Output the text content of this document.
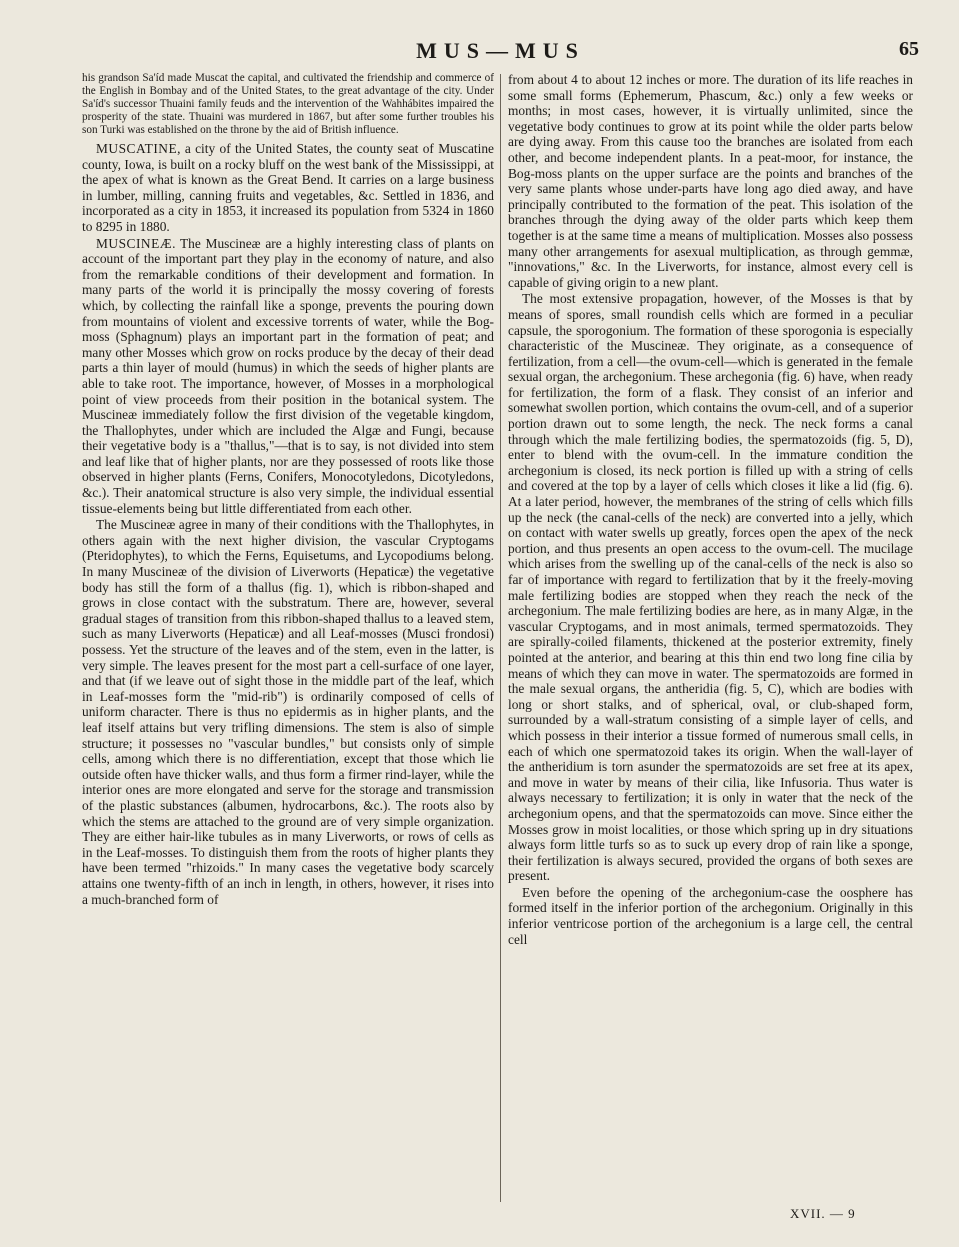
MUS—MUS	65

his grandson Sa'íd made Muscat the capital, and cultivated the friendship and commerce of the English in Bombay and of the United States, to the great advantage of the city. Under Sa'íd's successor Thuaini family feuds and the intervention of the Wahhábites impaired the prosperity of the state. Thuaini was murdered in 1867, but after some further troubles his son Turki was established on the throne by the aid of British influence.

MUSCATINE, a city of the United States, the county seat of Muscatine county, Iowa, is built on a rocky bluff on the west bank of the Mississippi, at the apex of what is known as the Great Bend. It carries on a large business in lumber, milling, canning fruits and vegetables, &c. Settled in 1836, and incorporated as a city in 1853, it increased its population from 5324 in 1860 to 8295 in 1880.

MUSCINEÆ. The Muscineæ are a highly interesting class of plants on account of the important part they play in the economy of nature, and also from the remarkable conditions of their development and formation. In many parts of the world it is principally the mossy covering of forests which, by collecting the rainfall like a sponge, prevents the pouring down from mountains of violent and excessive torrents of water, while the Bog-moss (Sphagnum) plays an important part in the formation of peat; and many other Mosses which grow on rocks produce by the decay of their dead parts a thin layer of mould (humus) in which the seeds of higher plants are able to take root. The importance, however, of Mosses in a morphological point of view proceeds from their position in the botanical system. The Muscineæ immediately follow the first division of the vegetable kingdom, the Thallophytes, under which are included the Algæ and Fungi, because their vegetative body is a "thallus,"—that is to say, is not divided into stem and leaf like that of higher plants, nor are they possessed of roots like those observed in higher plants (Ferns, Conifers, Monocotyledons, Dicotyledons, &c.). Their anatomical structure is also very simple, the individual essential tissue-elements being but little differentiated from each other.

The Muscineæ agree in many of their conditions with the Thallophytes, in others again with the next higher division, the vascular Cryptogams (Pteridophytes), to which the Ferns, Equisetums, and Lycopodiums belong. In many Muscineæ of the division of Liverworts (Hepaticæ) the vegetative body has still the form of a thallus (fig. 1), which is ribbon-shaped and grows in close contact with the substratum. There are, however, several gradual stages of transition from this ribbon-shaped thallus to a leaved stem, such as many Liverworts (Hepaticæ) and all Leaf-mosses (Musci frondosi) possess. Yet the structure of the leaves and of the stem, even in the latter, is very simple. The leaves present for the most part a cell-surface of one layer, and that (if we leave out of sight those in the middle part of the leaf, which in Leaf-mosses form the "mid-rib") is ordinarily composed of cells of uniform character. There is thus no epidermis as in higher plants, and the leaf itself attains but very trifling dimensions. The stem is also of simple structure; it possesses no "vascular bundles," but consists only of simple cells, among which there is no differentiation, except that those which lie outside often have thicker walls, and thus form a firmer rind-layer, while the interior ones are more elongated and serve for the storage and transmission of the plastic substances (albumen, hydrocarbons, &c.). The roots also by which the stems are attached to the ground are of very simple organization. They are either hair-like tubules as in many Liverworts, or rows of cells as in the Leaf-mosses. To distinguish them from the roots of higher plants they have been termed "rhizoids." In many cases the vegetative body scarcely attains one twenty-fifth of an inch in length, in others, however, it rises into a much-branched form of

from about 4 to about 12 inches or more. The duration of its life reaches in some small forms (Ephemerum, Phascum, &c.) only a few weeks or months; in most cases, however, it is virtually unlimited, since the vegetative body continues to grow at its point while the older parts below are dying away. From this cause too the branches are isolated from each other, and become independent plants. In a peat-moor, for instance, the Bog-moss plants on the upper surface are the points and branches of the very same plants whose under-parts have long ago died away, and have principally contributed to the formation of the peat. This isolation of the branches through the dying away of the older parts which keep them together is at the same time a means of multiplication. Mosses also possess many other arrangements for asexual multiplication, as through gemmæ, "innovations," &c. In the Liverworts, for instance, almost every cell is capable of giving origin to a new plant.

The most extensive propagation, however, of the Mosses is that by means of spores, small roundish cells which are formed in a peculiar capsule, the sporogonium. The formation of these sporogonia is especially characteristic of the Muscineæ. They originate, as a consequence of fertilization, from a cell—the ovum-cell—which is generated in the female sexual organ, the archegonium. These archegonia (fig. 6) have, when ready for fertilization, the form of a flask. They consist of an inferior and somewhat swollen portion, which contains the ovum-cell, and of a superior portion drawn out to some length, the neck. The neck forms a canal through which the male fertilizing bodies, the spermatozoids (fig. 5, D), enter to blend with the ovum-cell. In the immature condition the archegonium is closed, its neck portion is filled up with a string of cells and covered at the top by a layer of cells which closes it like a lid (fig. 6). At a later period, however, the membranes of the string of cells which fills up the neck (the canal-cells of the neck) are converted into a jelly, which on contact with water swells up greatly, forces open the apex of the neck portion, and thus presents an open access to the ovum-cell. The mucilage which arises from the swelling up of the canal-cells of the neck is also so far of importance with regard to fertilization that by it the freely-moving male fertilizing bodies are stopped when they reach the neck of the archegonium. The male fertilizing bodies are here, as in many Algæ, in the vascular Cryptogams, and in most animals, termed spermatozoids. They are spirally-coiled filaments, thickened at the posterior extremity, finely pointed at the anterior, and bearing at this thin end two long fine cilia by means of which they can move in water. The spermatozoids are formed in the male sexual organs, the antheridia (fig. 5, C), which are bodies with long or short stalks, and of spherical, oval, or club-shaped form, surrounded by a wall-stratum consisting of a simple layer of cells, and which possess in their interior a tissue formed of numerous small cells, in each of which one spermatozoid takes its origin. When the wall-layer of the antheridium is torn asunder the spermatozoids are set free at its apex, and move in water by means of their cilia, like Infusoria. Thus water is always necessary to fertilization; it is only in water that the neck of the archegonium opens, and that the spermatozoids can move. Since either the Mosses grow in moist localities, or those which spring up in dry situations always form little turfs so as to suck up every drop of rain like a sponge, their fertilization is always secured, provided the organs of both sexes are present.

Even before the opening of the archegonium-case the oosphere has formed itself in the inferior portion of the archegonium. Originally in this inferior ventricose portion of the archegonium is a large cell, the central cell

XVII. — 9
